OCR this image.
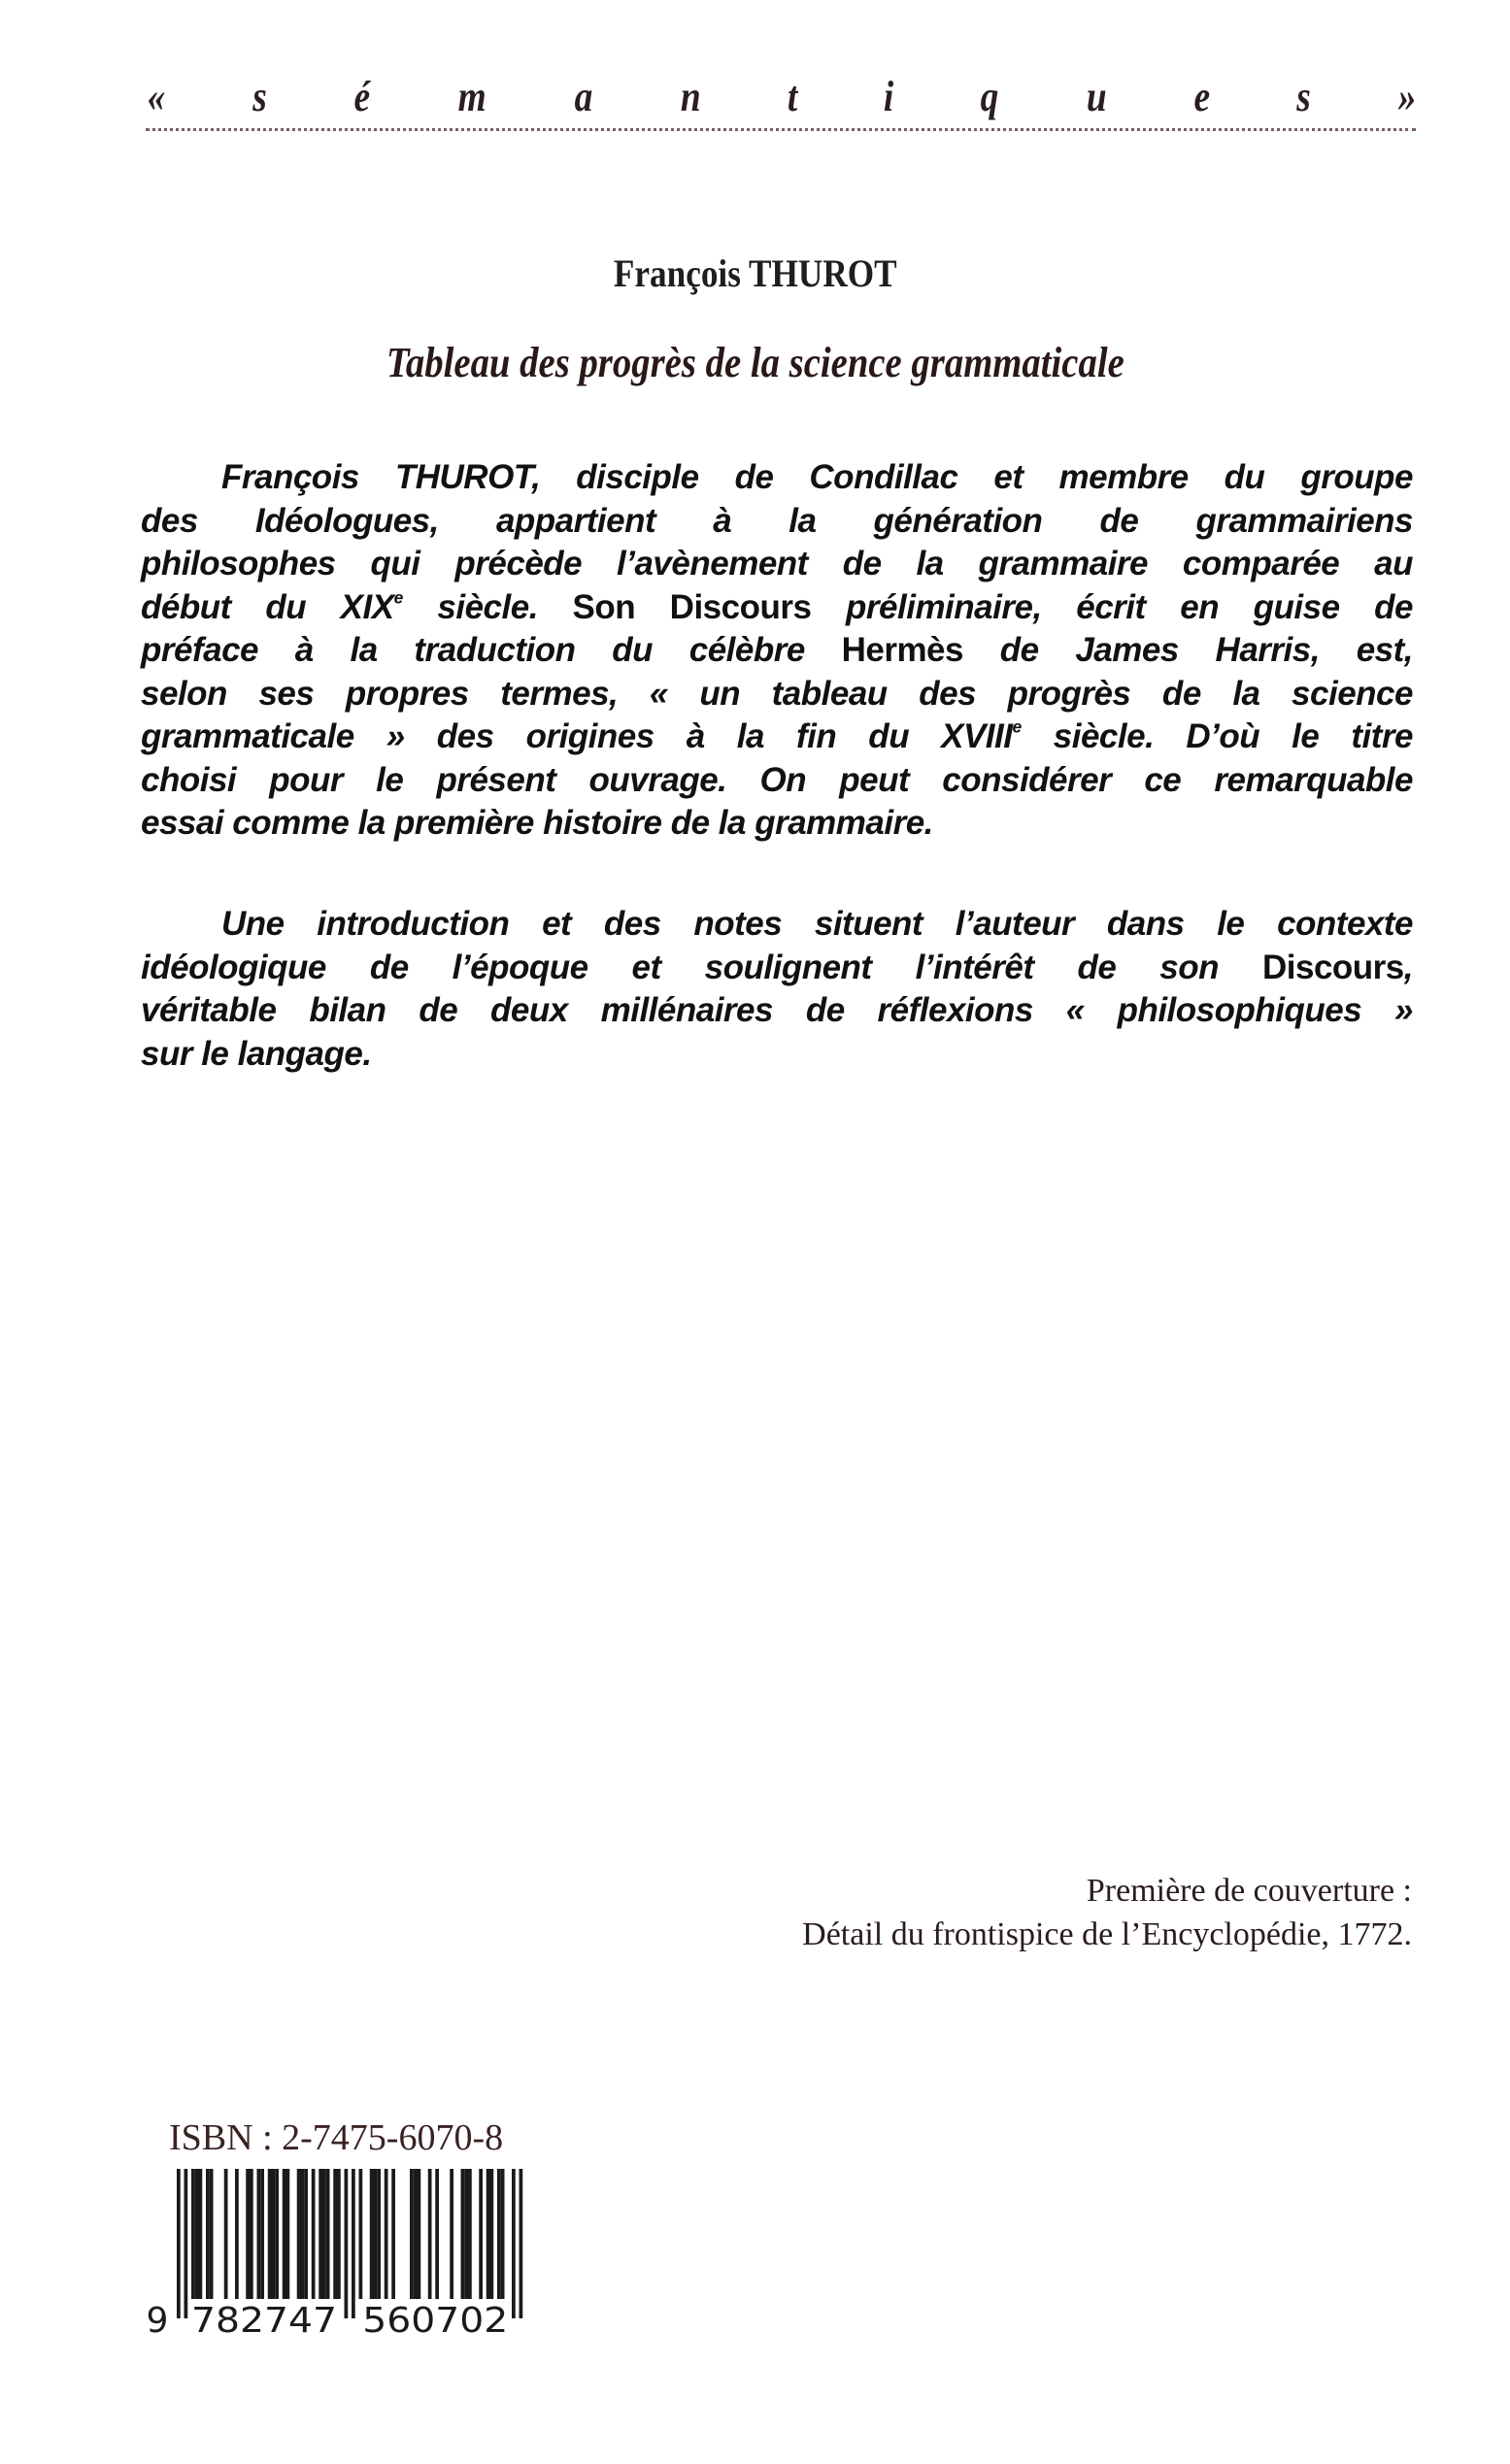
« s é m a n t i q u e s »
François THUROT
Tableau des progrès de la science grammaticale
François THUROT, disciple de Condillac et membre du groupe
des Idéologues, appartient à la génération de grammairiens
philosophes qui précède l’avènement de la grammaire comparée au
début du XIXe siècle. Son Discours préliminaire, écrit en guise de
préface à la traduction du célèbre Hermès de James Harris, est,
selon ses propres termes, « un tableau des progrès de la science
grammaticale » des origines à la fin du XVIIIe siècle. D’où le titre
choisi pour le présent ouvrage. On peut considérer ce remarquable
essai comme la première histoire de la grammaire.
Une introduction et des notes situent l’auteur dans le contexte
idéologique de l’époque et soulignent l’intérêt de son Discours,
véritable bilan de deux millénaires de réflexions « philosophiques »
sur le langage.
Première de couverture :
Détail du frontispice de l’Encyclopédie, 1772.
ISBN : 2-7475-6070-8
9 782747 560702
